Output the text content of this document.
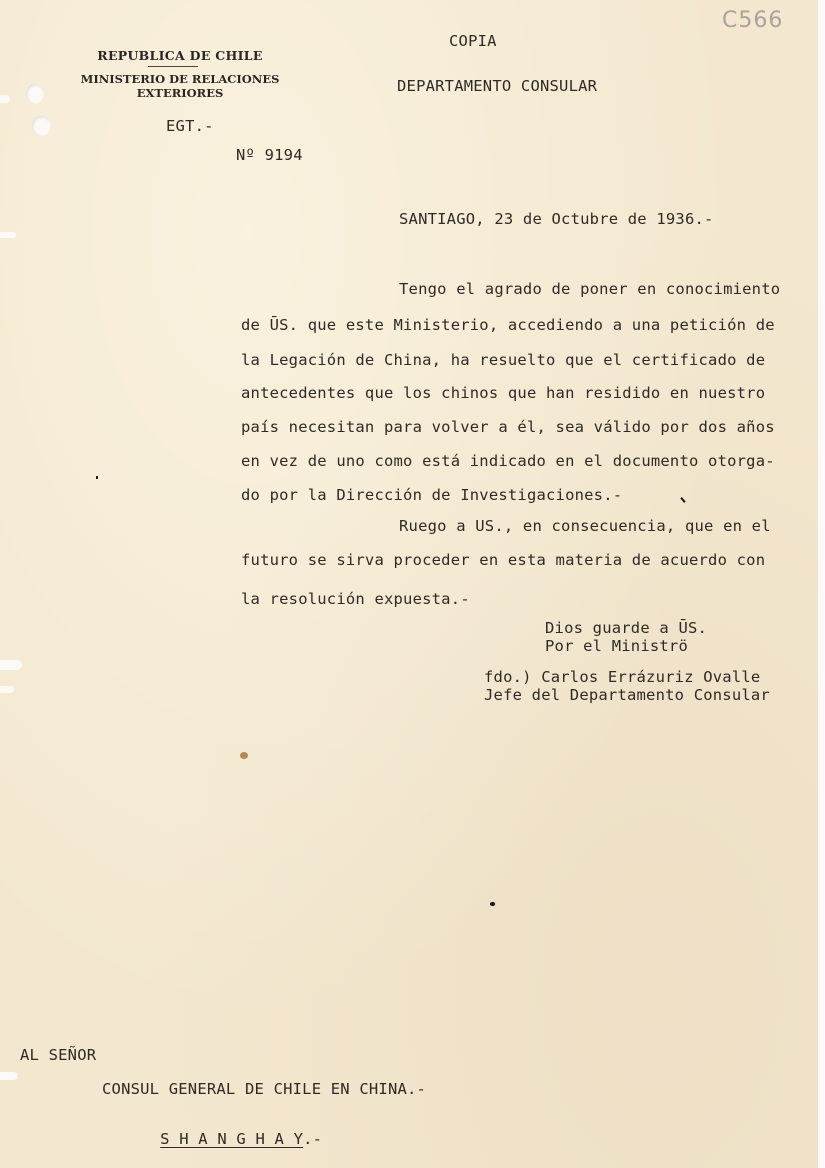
C566
REPUBLICA DE CHILE
MINISTERIO DE RELACIONES
EXTERIORES
COPIA
DEPARTAMENTO CONSULAR
EGT.-
Nº 9194
SANTIAGO, 23 de Octubre de 1936.-
Tengo el agrado de poner en conocimiento
de ŪS. que este Ministerio, accediendo a una petición de
la Legación de China, ha resuelto que el certificado de
antecedentes que los chinos que han residido en nuestro
país necesitan para volver a él, sea válido por dos años
en vez de uno como está indicado en el documento otorga-
do por la Dirección de Investigaciones.-
Ruego a US., en consecuencia, que en el
futuro se sirva proceder en esta materia de acuerdo con
la resolución expuesta.-
Dios guarde a ŪS.
Por el Ministrö
fdo.) Carlos Errázuriz Ovalle
Jefe del Departamento Consular
AL SEÑOR
CONSUL GENERAL DE CHILE EN CHINA.-

S H A N G H A Y.-
